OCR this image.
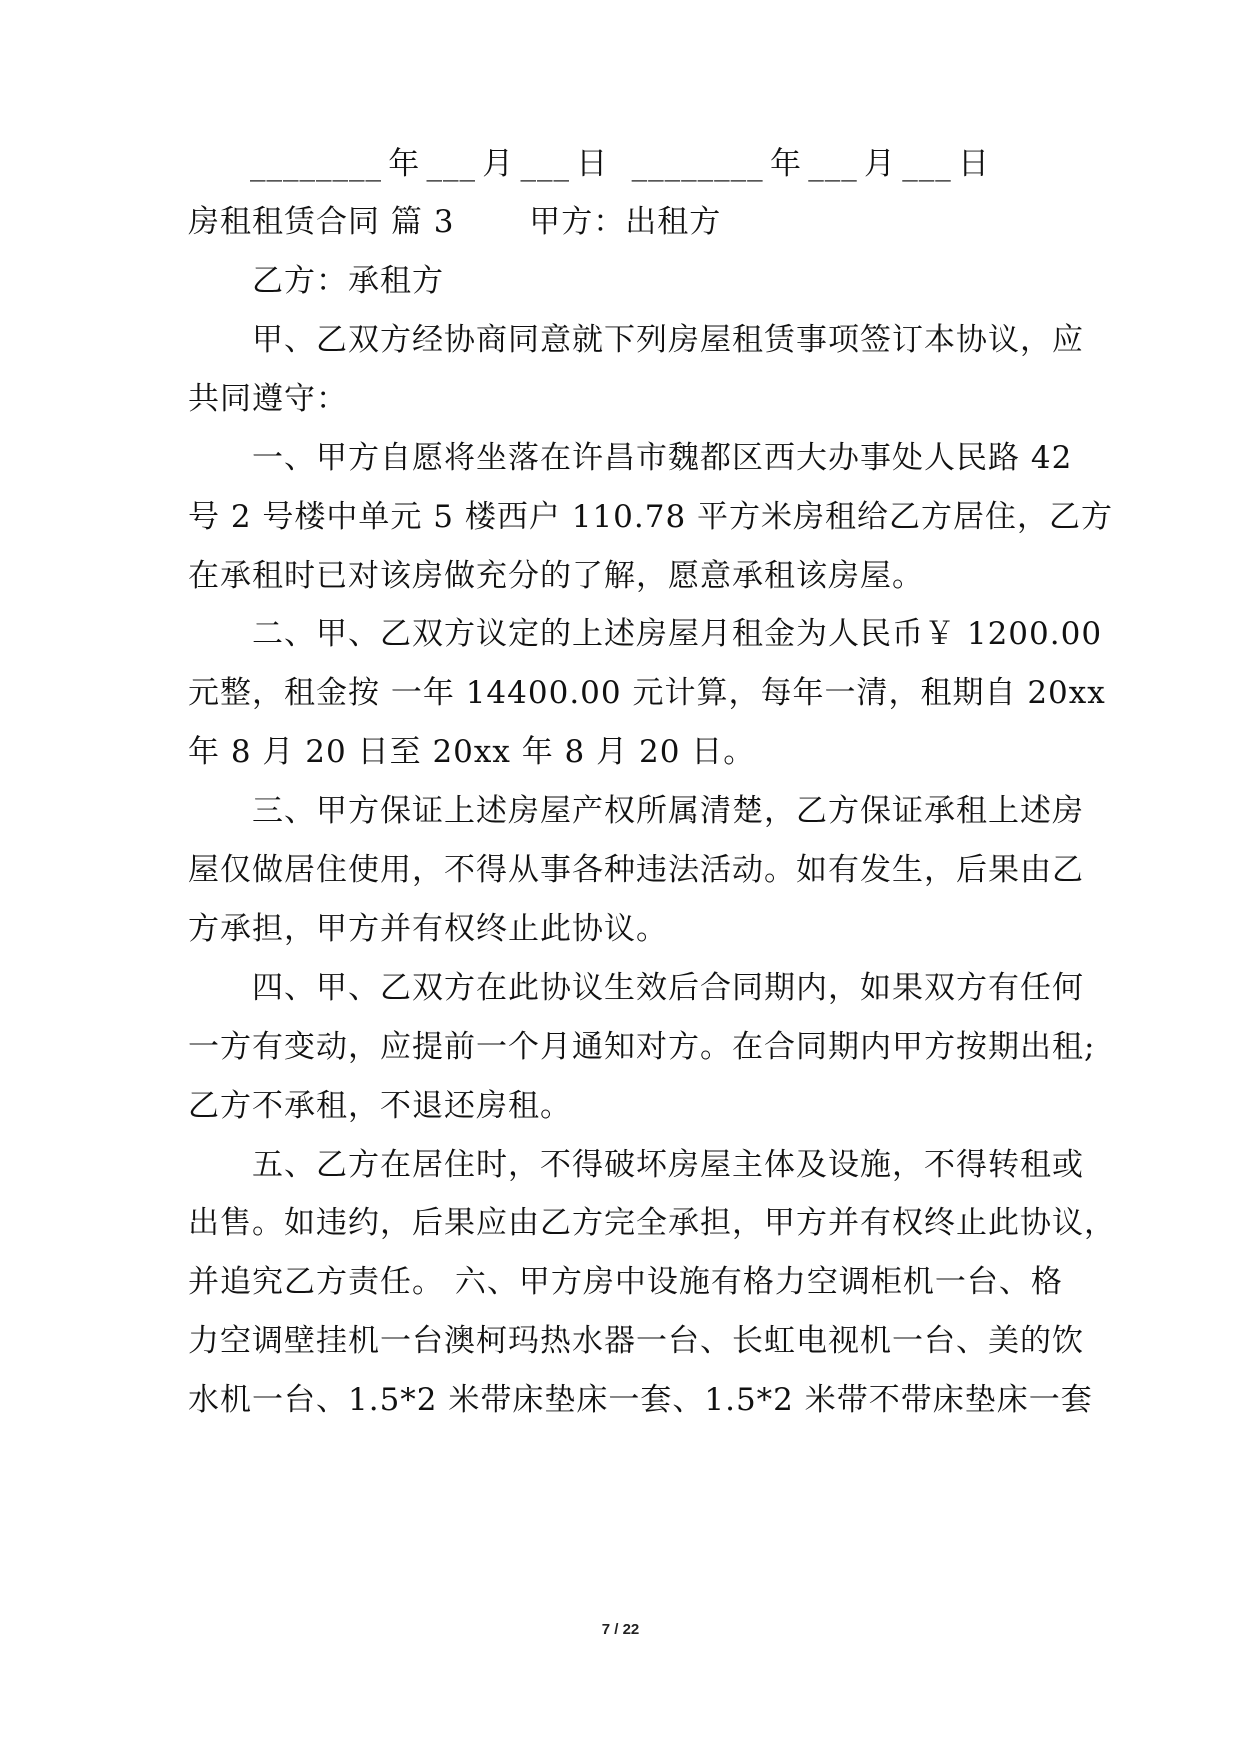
________年___月___日 ________年___月___日
房租租赁合同 篇 3　　 甲方：出租方
乙方：承租方
甲、乙双方经协商同意就下列房屋租赁事项签订本协议，应
共同遵守：
一、甲方自愿将坐落在许昌市魏都区西大办事处人民路 42
号 2 号楼中单元 5 楼西户 110.78 平方米房租给乙方居住，乙方
在承租时已对该房做充分的了解，愿意承租该房屋。
二、甲、乙双方议定的上述房屋月租金为人民币￥ 1200.00
元整，租金按 一年 14400.00 元计算，每年一清，租期自 20xx
年 8 月 20 日至 20xx 年 8 月 20 日。
三、甲方保证上述房屋产权所属清楚，乙方保证承租上述房
屋仅做居住使用，不得从事各种违法活动。如有发生，后果由乙
方承担，甲方并有权终止此协议。
四、甲、乙双方在此协议生效后合同期内，如果双方有任何
一方有变动，应提前一个月通知对方。在合同期内甲方按期出租;
乙方不承租，不退还房租。
五、乙方在居住时，不得破坏房屋主体及设施，不得转租或
出售。如违约，后果应由乙方完全承担，甲方并有权终止此协议，
并追究乙方责任。 六、甲方房中设施有格力空调柜机一台、格
力空调壁挂机一台澳柯玛热水器一台、长虹电视机一台、美的饮
水机一台、1.5*2 米带床垫床一套、1.5*2 米带不带床垫床一套
7 / 22
